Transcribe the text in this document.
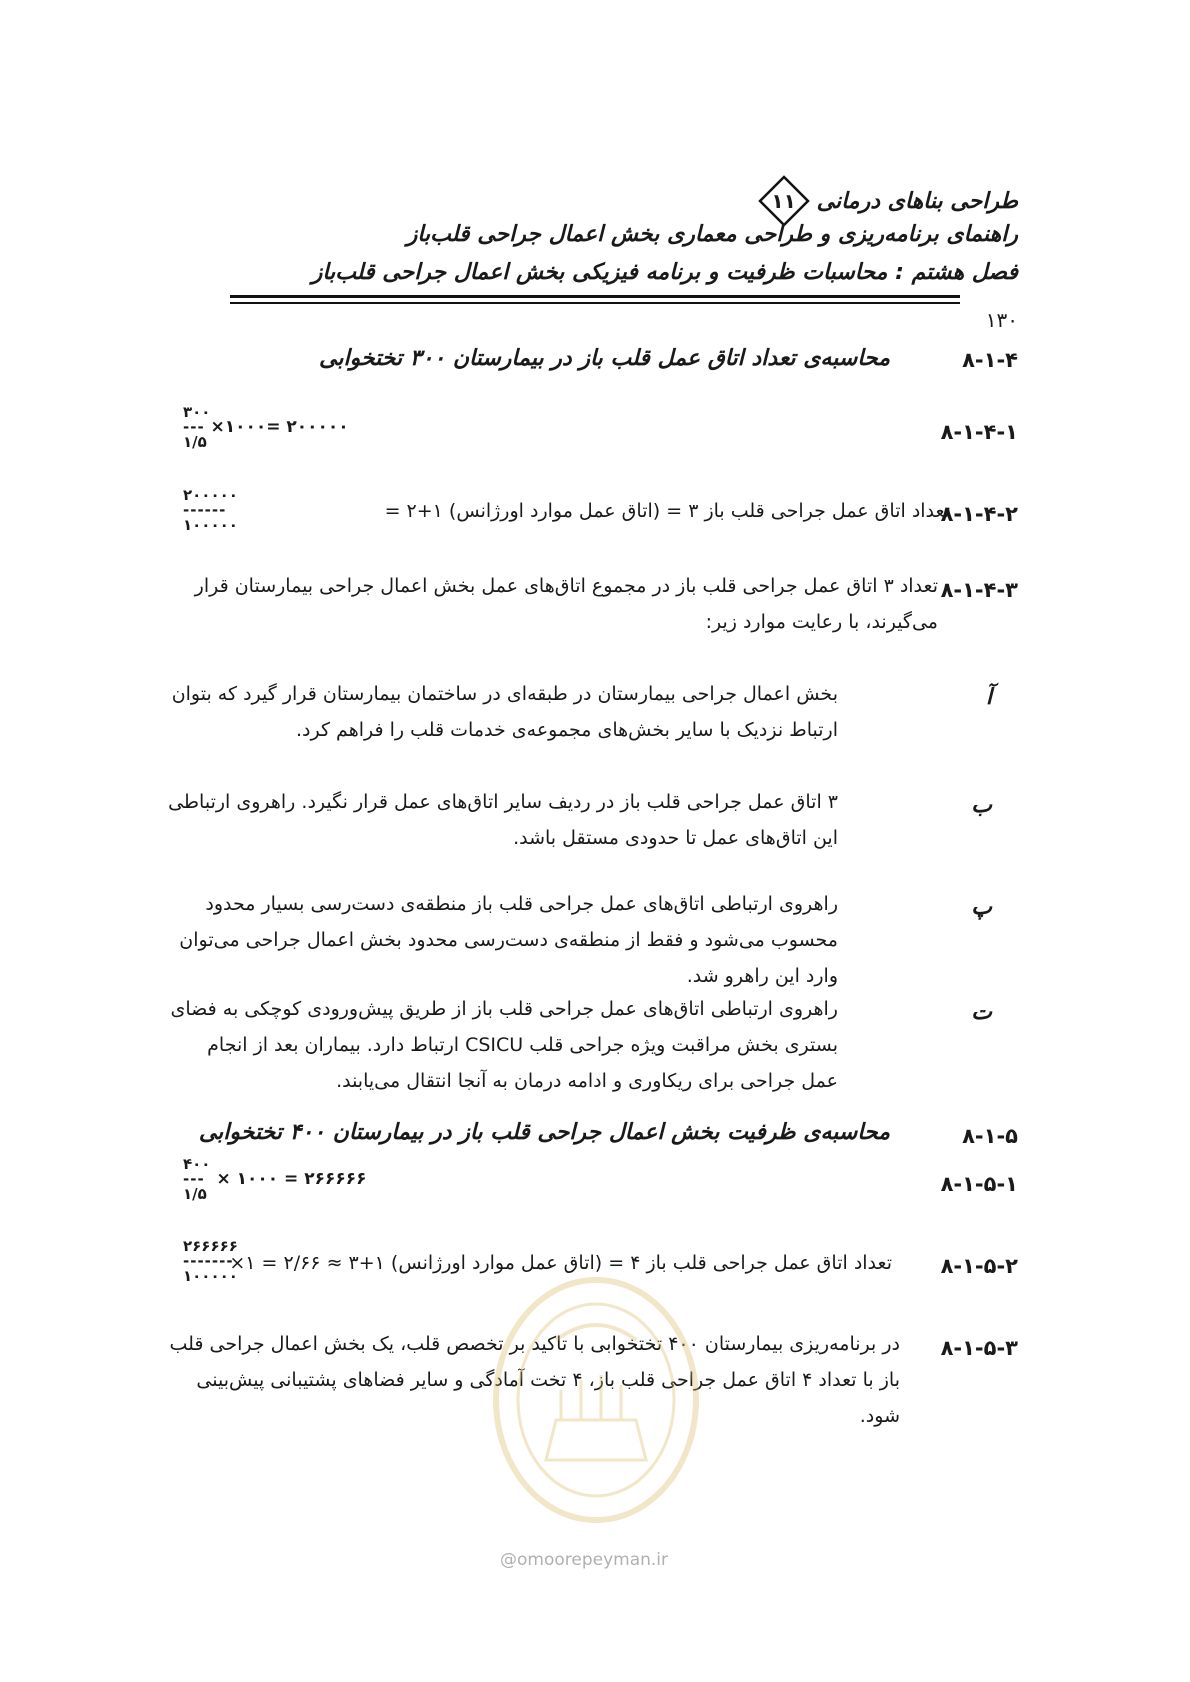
طراحی بناهای درمانی
۱۱
راهنمای برنامه‌ریزی و طراحی معماری بخش اعمال جراحی قلب‌باز
فصل هشتم : محاسبات ظرفیت و برنامه فیزیکی بخش اعمال جراحی قلب‌باز
۱۳۰
۸-۱-۴
محاسبه‌ی تعداد اتاق عمل قلب باز در بیمارستان ۳۰۰ تختخوابی
۸-۱-۴-۱
۳۰۰
---
۱/۵
×۱۰۰۰= ۲۰۰۰۰۰
۸-۱-۴-۲
تعداد اتاق عمل جراحی قلب باز ۳ = (اتاق عمل موارد اورژانس) ۱+۲ =
۲۰۰۰۰۰
------
۱۰۰۰۰۰
۸-۱-۴-۳
تعداد ۳ اتاق عمل جراحی قلب باز در مجموع اتاق‌های عمل بخش اعمال جراحی بیمارستان قرار می‌گیرند، با رعایت موارد زیر:
آ
بخش اعمال جراحی بیمارستان در طبقه‌ای در ساختمان بیمارستان قرار گیرد که بتوان ارتباط نزدیک با سایر بخش‌های مجموعه‌ی خدمات قلب را فراهم کرد.
ب
۳ اتاق عمل جراحی قلب باز در ردیف سایر اتاق‌های عمل قرار نگیرد. راهروی ارتباطی این اتاق‌های عمل تا حدودی مستقل باشد.
پ
راهروی ارتباطی اتاق‌های عمل جراحی قلب باز منطقه‌ی دست‌رسی بسیار محدود محسوب می‌شود و فقط از منطقه‌ی دست‌رسی محدود بخش اعمال جراحی می‌توان وارد این راهرو شد.
ت
راهروی ارتباطی اتاق‌های عمل جراحی قلب باز از طریق پیش‌ورودی کوچکی به فضای بستری بخش مراقبت ویژه جراحی قلب CSICU ارتباط دارد. بیماران بعد از انجام عمل جراحی برای ریکاوری و ادامه درمان به آنجا انتقال می‌یابند.
۸-۱-۵
محاسبه‌ی ظرفیت بخش اعمال جراحی قلب باز در بیمارستان ۴۰۰ تختخوابی
۸-۱-۵-۱
۴۰۰
---
۱/۵
× ۱۰۰۰ = ۲۶۶۶۶۶
۸-۱-۵-۲
تعداد اتاق عمل جراحی قلب باز ۴ = (اتاق عمل موارد اورژانس) ۱+۳ ≈ ۲/۶۶ = ۱×
۲۶۶۶۶۶
-------
۱۰۰۰۰۰
۸-۱-۵-۳
در برنامه‌ریزی بیمارستان ۴۰۰ تختخوابی با تاکید بر تخصص قلب، یک بخش اعمال جراحی قلب باز با تعداد ۴ اتاق عمل جراحی قلب باز، ۴ تخت آمادگی و سایر فضاهای پشتیبانی پیش‌بینی شود.
@omoorepeyman.ir
